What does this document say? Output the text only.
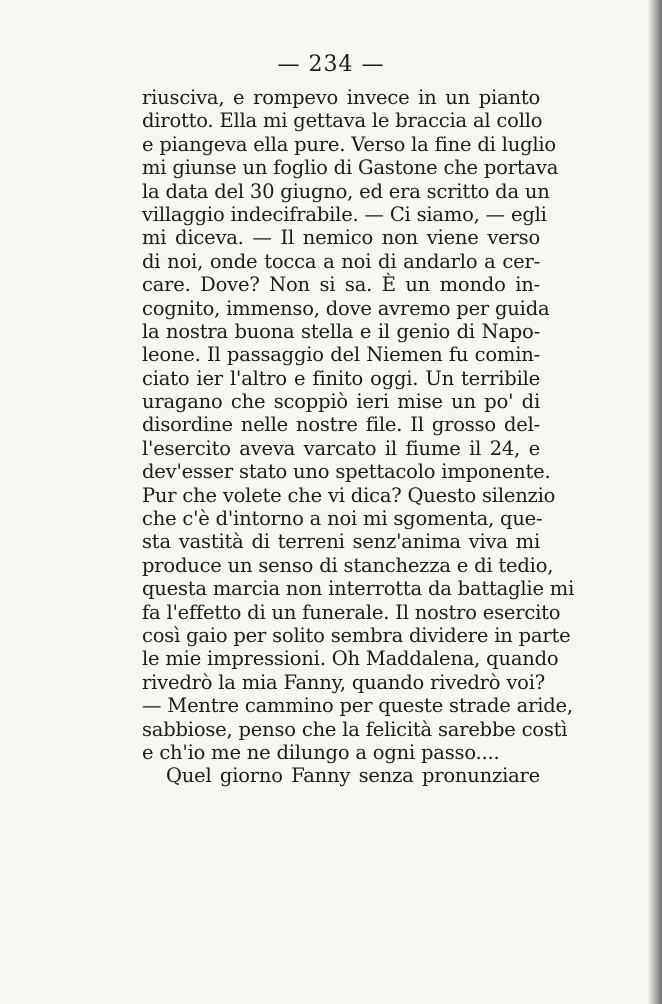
— 234 —
riusciva, e rompevo invece in un pianto
dirotto. Ella mi gettava le braccia al collo
e piangeva ella pure. Verso la fine di luglio
mi giunse un foglio di Gastone che portava
la data del 30 giugno, ed era scritto da un
villaggio indecifrabile. — Ci siamo, — egli
mi diceva. — Il nemico non viene verso
di noi, onde tocca a noi di andarlo a cer-
care. Dove? Non si sa. È un mondo in-
cognito, immenso, dove avremo per guida
la nostra buona stella e il genio di Napo-
leone. Il passaggio del Niemen fu comin-
ciato ier l'altro e finito oggi. Un terribile
uragano che scoppiò ieri mise un po' di
disordine nelle nostre file. Il grosso del-
l'esercito aveva varcato il fiume il 24, e
dev'esser stato uno spettacolo imponente.
Pur che volete che vi dica? Questo silenzio
che c'è d'intorno a noi mi sgomenta, que-
sta vastità di terreni senz'anima viva mi
produce un senso di stanchezza e di tedio,
questa marcia non interrotta da battaglie mi
fa l'effetto di un funerale. Il nostro esercito
così gaio per solito sembra dividere in parte
le mie impressioni. Oh Maddalena, quando
rivedrò la mia Fanny, quando rivedrò voi?
— Mentre cammino per queste strade aride,
sabbiose, penso che la felicità sarebbe costì
e ch'io me ne dilungo a ogni passo....
Quel giorno Fanny senza pronunziare
